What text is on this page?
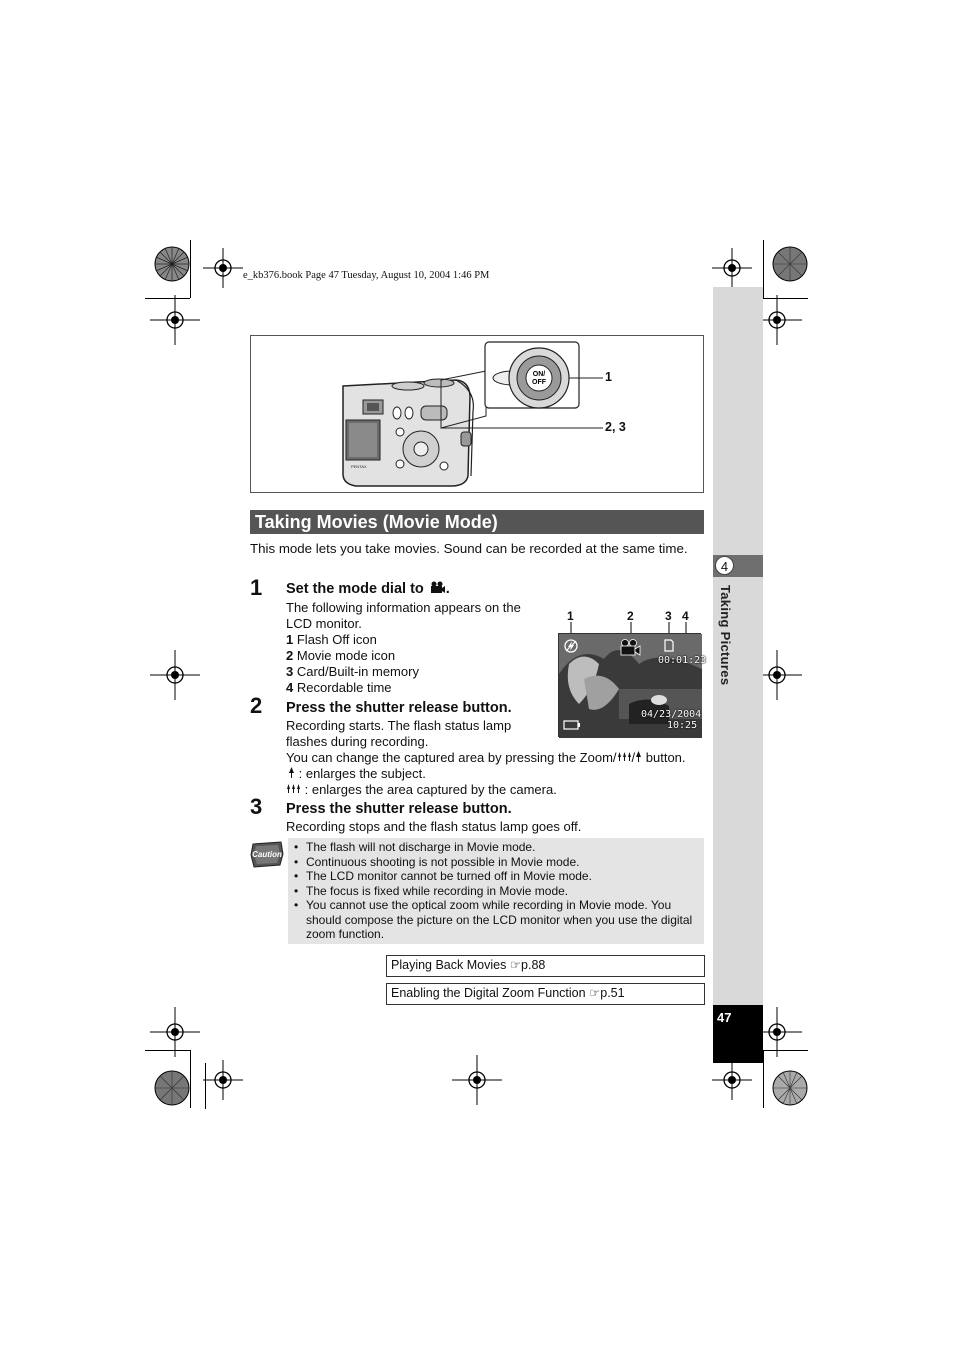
e_kb376.book Page 47 Tuesday, August 10, 2004 1:46 PM
4
Taking Pictures
47
PENTAX
ON/
OFF	1
2, 3
Taking Movies (Movie Mode)
This mode lets you take movies. Sound can be recorded at the same time.
1 Set the mode dial to .
The following information appears on the LCD monitor.
1 Flash Off icon
2 Movie mode icon
3 Card/Built-in memory
4 Recordable time
1	2	3 4
00:01:23
04/23/2004
10:25
2 Press the shutter release button.
Recording starts. The flash status lamp flashes during recording.
You can change the captured area by pressing the Zoom/ / button.
: enlarges the subject.
: enlarges the area captured by the camera.
3 Press the shutter release button.
Recording stops and the flash status lamp goes off.
Caution
• The flash will not discharge in Movie mode.
• Continuous shooting is not possible in Movie mode.
• The LCD monitor cannot be turned off in Movie mode.
• The focus is fixed while recording in Movie mode.
• You cannot use the optical zoom while recording in Movie mode. You should compose the picture on the LCD monitor when you use the digital zoom function.
Playing Back Movies ☞p.88
Enabling the Digital Zoom Function ☞p.51
